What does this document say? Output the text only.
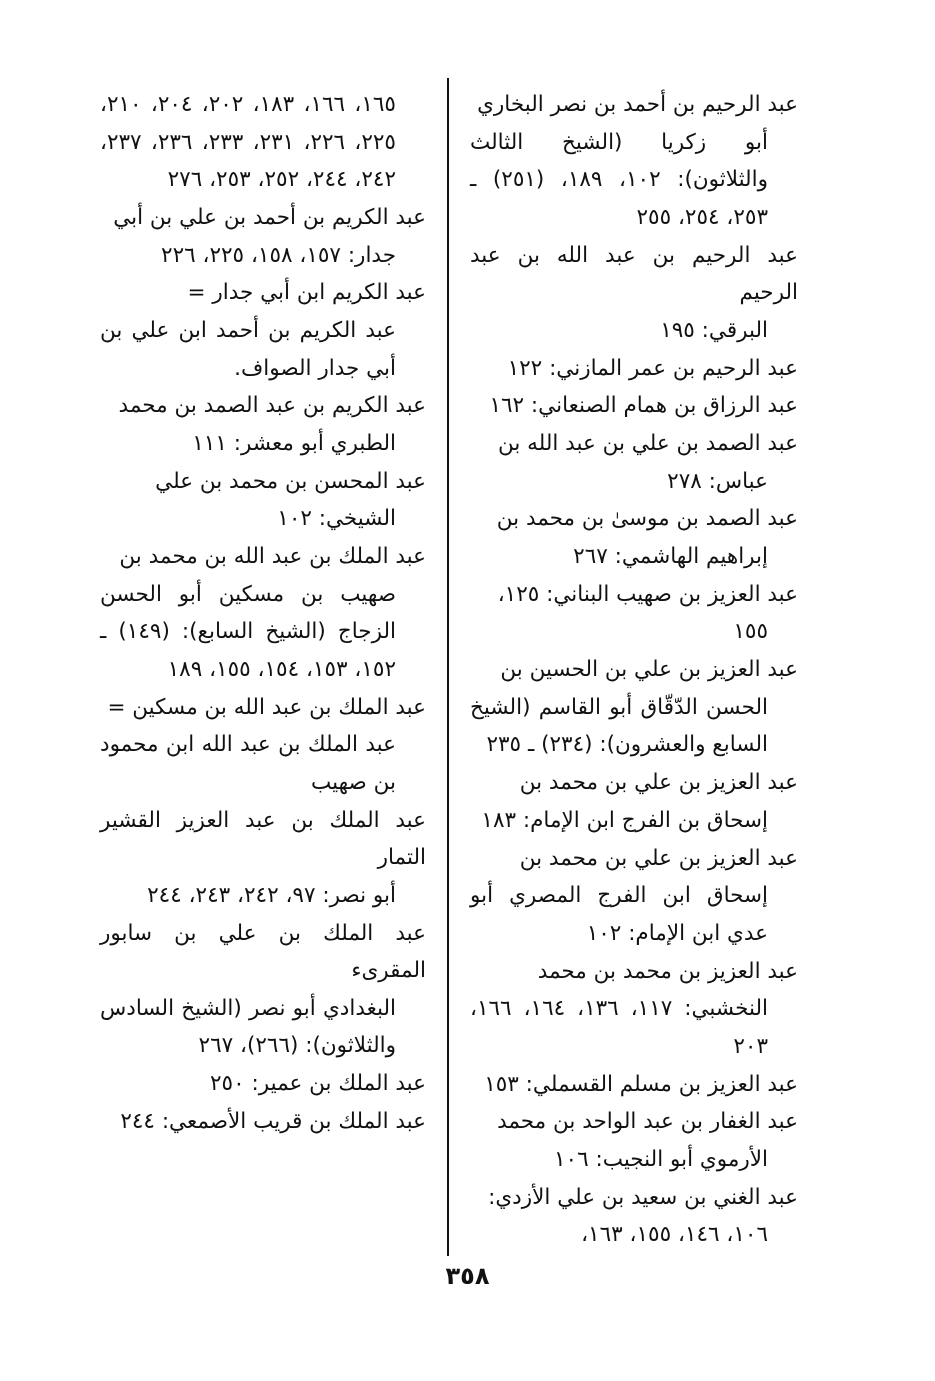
عبد الرحيم بن أحمد بن نصر البخاري
أبو زكريا (الشيخ الثالث والثلاثون): ١٠٢، ١٨٩، (٢٥١) ـ ٢٥٣، ٢٥٤، ٢٥٥
عبد الرحيم بن عبد الله بن عبد الرحيم
البرقي: ١٩٥
عبد الرحيم بن عمر المازني: ١٢٢
عبد الرزاق بن همام الصنعاني: ١٦٢
عبد الصمد بن علي بن عبد الله بن
عباس: ٢٧٨
عبد الصمد بن موسىٰ بن محمد بن
إبراهيم الهاشمي: ٢٦٧
عبد العزيز بن صهيب البناني: ١٢٥،
١٥٥
عبد العزيز بن علي بن الحسين بن
الحسن الدّقّاق أبو القاسم (الشيخ السابع والعشرون): (٢٣٤) ـ ٢٣٥
عبد العزيز بن علي بن محمد بن
إسحاق بن الفرج ابن الإمام: ١٨٣
عبد العزيز بن علي بن محمد بن
إسحاق ابن الفرج المصري أبو عدي ابن الإمام: ١٠٢
عبد العزيز بن محمد بن محمد
النخشبي: ١١٧، ١٣٦، ١٦٤، ١٦٦، ٢٠٣
عبد العزيز بن مسلم القسملي: ١٥٣
عبد الغفار بن عبد الواحد بن محمد
الأرموي أبو النجيب: ١٠٦
عبد الغني بن سعيد بن علي الأزدي:
١٠٦، ١٤٦، ١٥٥، ١٦٣،
١٦٥، ١٦٦، ١٨٣، ٢٠٢، ٢٠٤، ٢١٠، ٢٢٥، ٢٢٦، ٢٣١، ٢٣٣، ٢٣٦، ٢٣٧، ٢٤٢، ٢٤٤، ٢٥٢، ٢٥٣، ٢٧٦
عبد الكريم بن أحمد بن علي بن أبي
جدار: ١٥٧، ١٥٨، ٢٢٥، ٢٢٦
عبد الكريم ابن أبي جدار =
عبد الكريم بن أحمد ابن علي بن أبي جدار الصواف.
عبد الكريم بن عبد الصمد بن محمد
الطبري أبو معشر: ١١١
عبد المحسن بن محمد بن علي
الشيخي: ١٠٢
عبد الملك بن عبد الله بن محمد بن
صهيب بن مسكين أبو الحسن الزجاج (الشيخ السابع): (١٤٩) ـ ١٥٢، ١٥٣، ١٥٤، ١٥٥، ١٨٩
عبد الملك بن عبد الله بن مسكين =
عبد الملك بن عبد الله ابن محمود بن صهيب
عبد الملك بن عبد العزيز القشير التمار
أبو نصر: ٩٧، ٢٤٢، ٢٤٣، ٢٤٤
عبد الملك بن علي بن سابور المقرىء
البغدادي أبو نصر (الشيخ السادس والثلاثون): (٢٦٦)، ٢٦٧
عبد الملك بن عمير: ٢٥٠
عبد الملك بن قريب الأصمعي: ٢٤٤
٣٥٨
